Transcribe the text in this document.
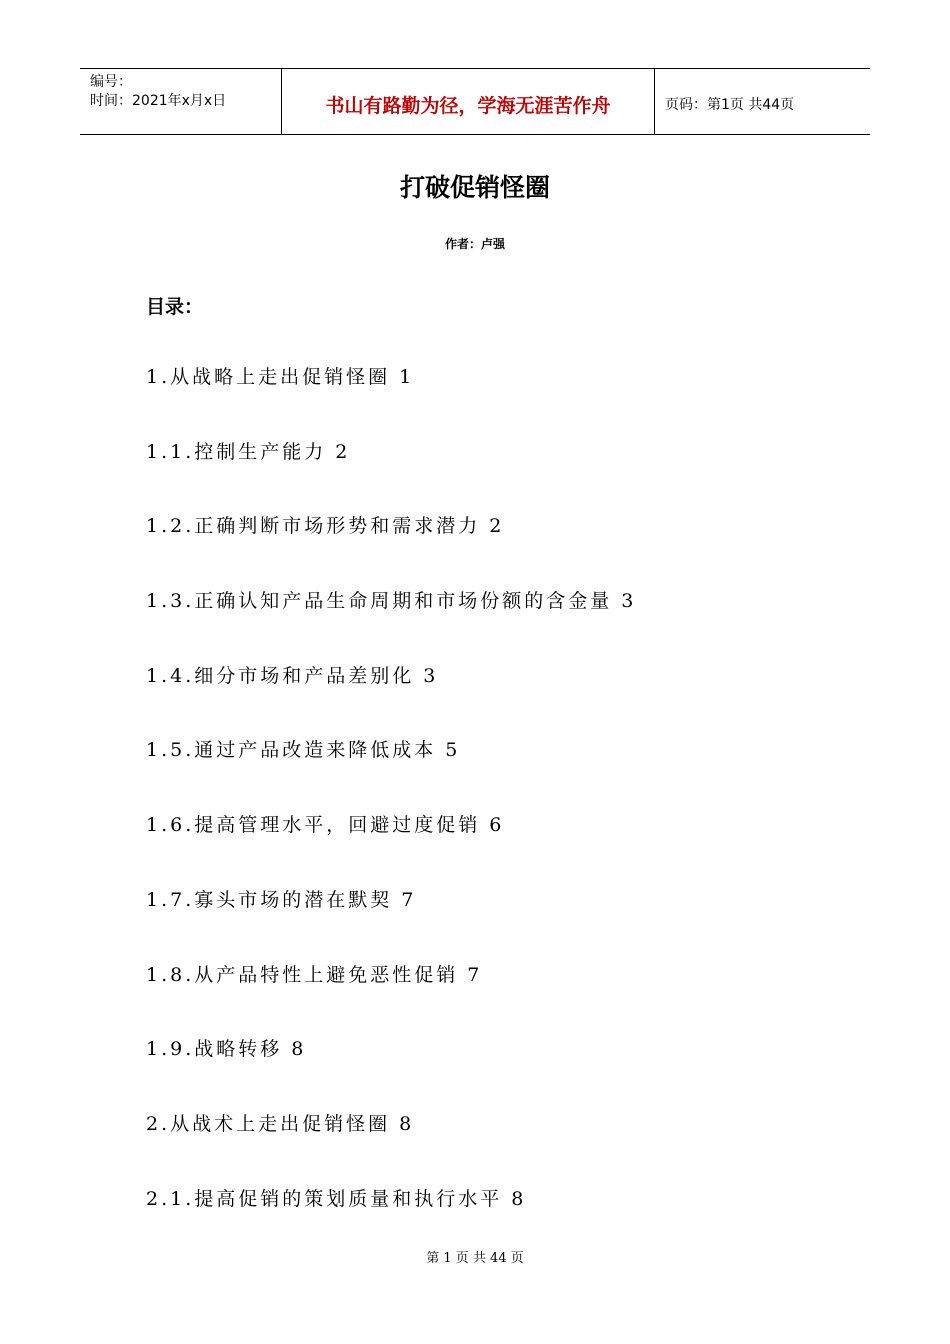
编号：
时间：2021年x月x日	书山有路勤为径，学海无涯苦作舟	页码：第1页 共44页
打破促销怪圈
作者：卢强
目录：
1.从战略上走出促销怪圈 1
1.1.控制生产能力 2
1.2.正确判断市场形势和需求潜力 2
1.3.正确认知产品生命周期和市场份额的含金量 3
1.4.细分市场和产品差别化 3
1.5.通过产品改造来降低成本 5
1.6.提高管理水平，回避过度促销 6
1.7.寡头市场的潜在默契 7
1.8.从产品特性上避免恶性促销 7
1.9.战略转移 8
2.从战术上走出促销怪圈 8
2.1.提高促销的策划质量和执行水平 8
第 1 页 共 44 页
